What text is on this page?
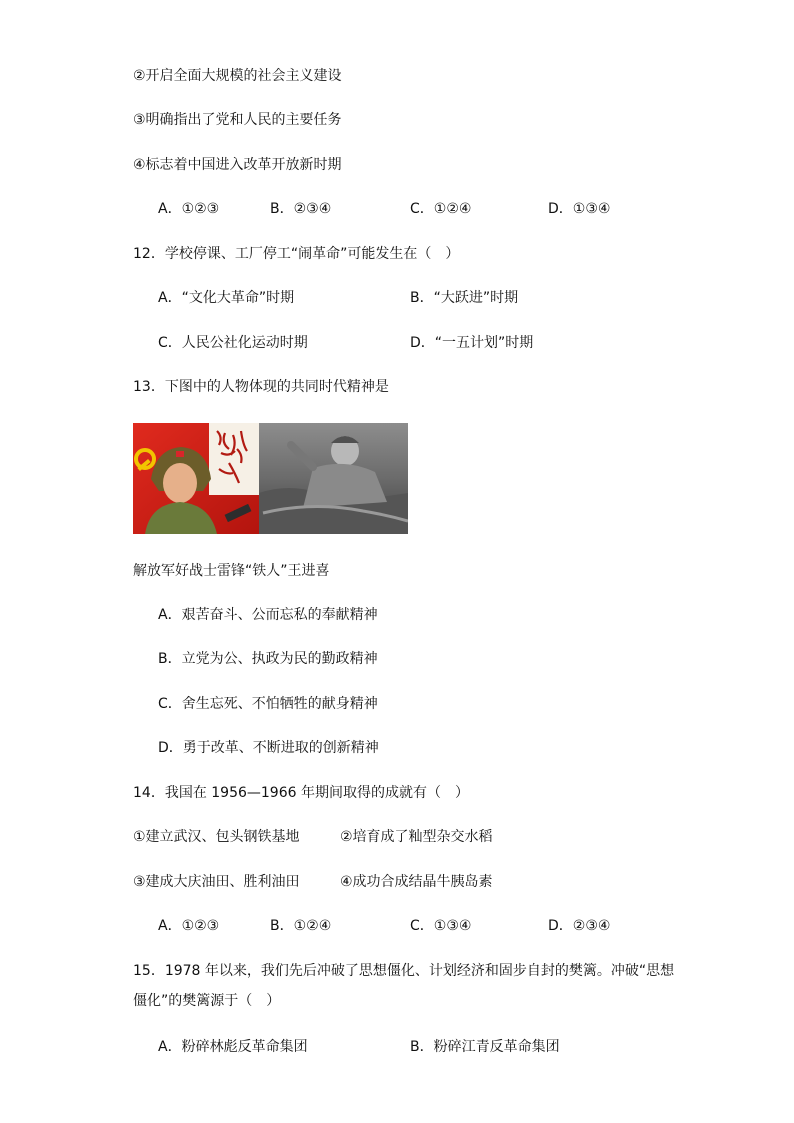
②开启全面大规模的社会主义建设
③明确指出了党和人民的主要任务
④标志着中国进入改革开放新时期
A．①②③	B．②③④	C．①②④	D．①③④
12．学校停课、工厂停工“闹革命”可能发生在（　）
A．“文化大革命”时期	B．“大跃进”时期
C．人民公社化运动时期	D．“一五计划”时期
13．下图中的人物体现的共同时代精神是
解放军好战士雷锋“铁人”王进喜
A．艰苦奋斗、公而忘私的奉献精神
B．立党为公、执政为民的勤政精神
C．舍生忘死、不怕牺牲的献身精神
D．勇于改革、不断进取的创新精神
14．我国在 1956—1966 年期间取得的成就有（　）
①建立武汉、包头钢铁基地	②培育成了籼型杂交水稻
③建成大庆油田、胜利油田	④成功合成结晶牛胰岛素
A．①②③	B．①②④	C．①③④	D．②③④
15．1978 年以来，我们先后冲破了思想僵化、计划经济和固步自封的樊篱。冲破“思想
僵化”的樊篱源于（　）
A．粉碎林彪反革命集团	B．粉碎江青反革命集团
